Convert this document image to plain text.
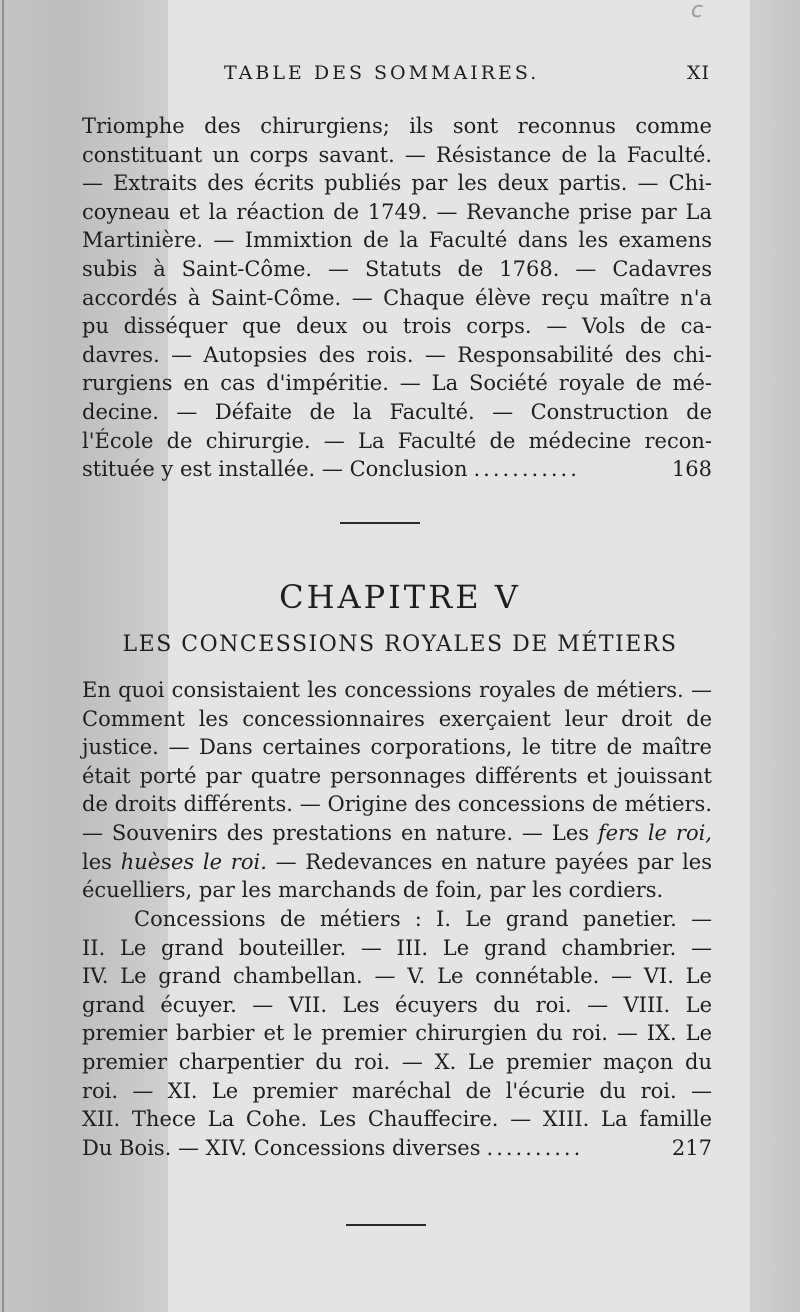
c
TABLE DES SOMMAIRES.	XI
Triomphe des chirurgiens; ils sont reconnus comme
constituant un corps savant. — Résistance de la Faculté.
— Extraits des écrits publiés par les deux partis. — Chi-
coyneau et la réaction de 1749. — Revanche prise par La
Martinière. — Immixtion de la Faculté dans les examens
subis à Saint-Côme. — Statuts de 1768. — Cadavres
accordés à Saint-Côme. — Chaque élève reçu maître n'a
pu disséquer que deux ou trois corps. — Vols de ca-
davres. — Autopsies des rois. — Responsabilité des chi-
rurgiens en cas d'impéritie. — La Société royale de mé-
decine. — Défaite de la Faculté. — Construction de
l'École de chirurgie. — La Faculté de médecine recon-
stituée y est installée. — Conclusion ...........	168
CHAPITRE V
LES CONCESSIONS ROYALES DE MÉTIERS
En quoi consistaient les concessions royales de métiers. —
Comment les concessionnaires exerçaient leur droit de
justice. — Dans certaines corporations, le titre de maître
était porté par quatre personnages différents et jouissant
de droits différents. — Origine des concessions de métiers.
— Souvenirs des prestations en nature. — Les fers le roi,
les huèses le roi. — Redevances en nature payées par les
écuelliers, par les marchands de foin, par les cordiers.
Concessions de métiers : I. Le grand panetier. —
II. Le grand bouteiller. — III. Le grand chambrier. —
IV. Le grand chambellan. — V. Le connétable. — VI. Le
grand écuyer. — VII. Les écuyers du roi. — VIII. Le
premier barbier et le premier chirurgien du roi. — IX. Le
premier charpentier du roi. — X. Le premier maçon du
roi. — XI. Le premier maréchal de l'écurie du roi. —
XII. Thece La Cohe. Les Chauffecire. — XIII. La famille
Du Bois. — XIV. Concessions diverses ..........	217
